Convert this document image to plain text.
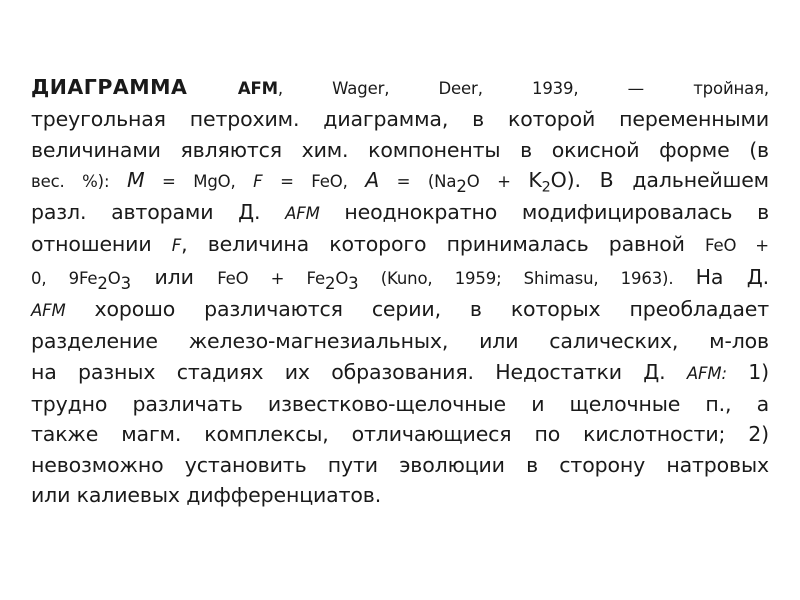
ДИАГРАММА	AFM, Wager, Deer, 1939, — тройная,
треугольная петрохим. диаграмма, в которой переменными
величинами являются хим. компоненты в окисной форме (в
вес. %): M = MgO, F = FeO, $A = (Na_2O + K_2O)$. В дальнейшем
разл. авторами Д. AFM неоднократно модифицировалась в
отношении F, величина которого принималась равной FeO +
0, $9Fe_2O_3$ или FeO + $Fe_2O_3$ (Kuno, 1959; Shimasu, 1963). На Д.
AFM хорошо различаются серии, в которых преобладает
разделение железо-магнезиальных, или салических, м-лов
на разных стадиях их образования. Недостатки Д. AFM: 1)
трудно различать известково-щелочные и щелочные п., а
также магм. комплексы, отличающиеся по кислотности; 2)
невозможно установить пути эволюции в сторону натровых
или калиевых дифференциатов.
